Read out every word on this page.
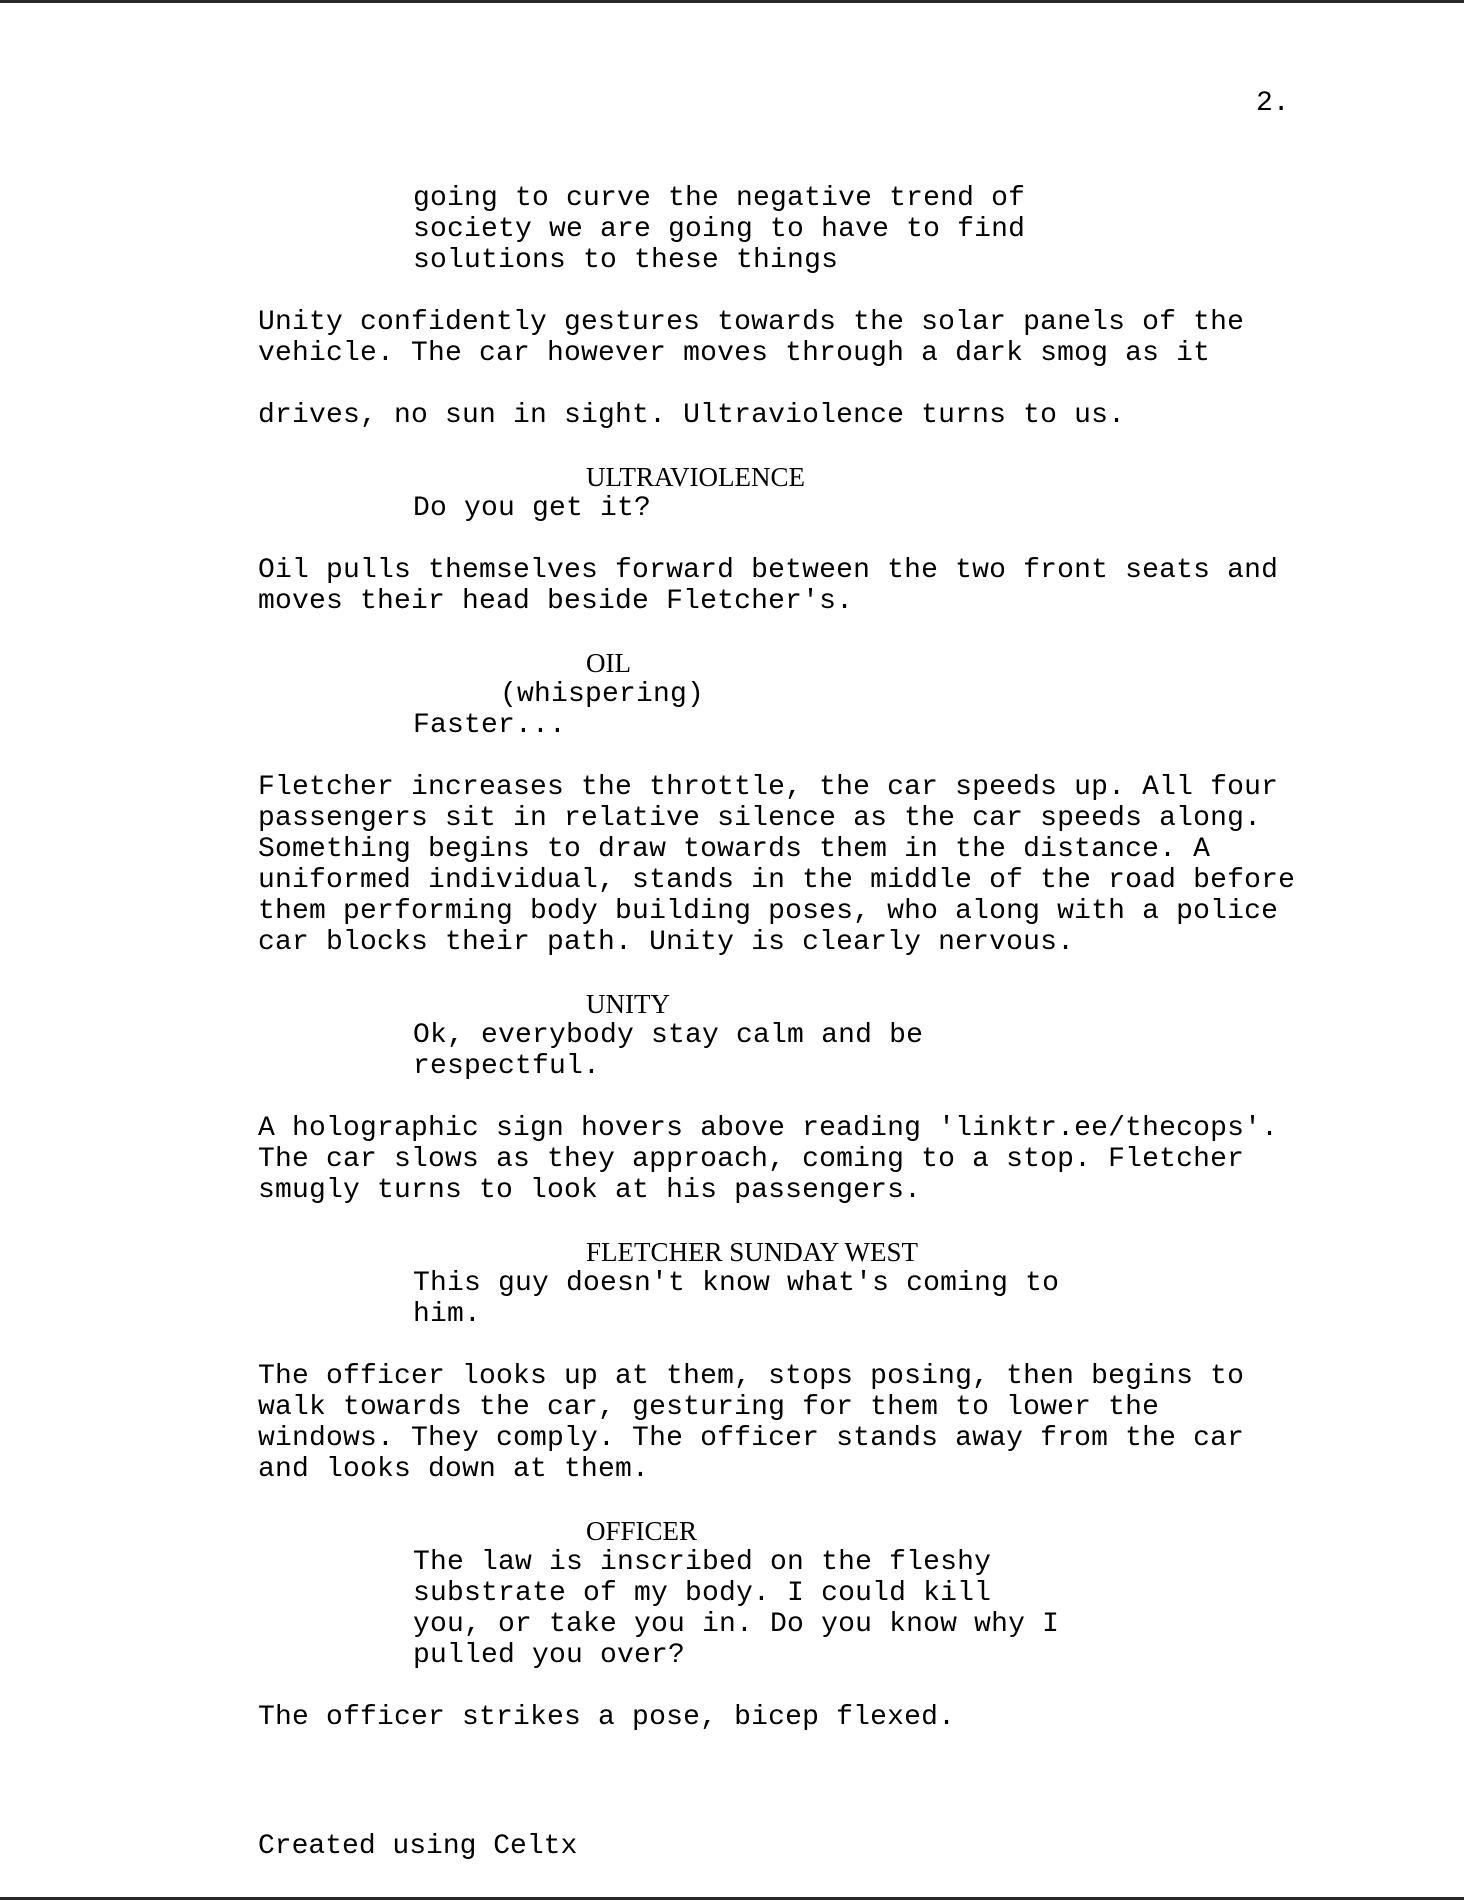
2.
going to curve the negative trend of
society we are going to have to find
solutions to these things
Unity confidently gestures towards the solar panels of the
vehicle. The car however moves through a dark smog as it
drives, no sun in sight. Ultraviolence turns to us.
ULTRAVIOLENCE
Do you get it?
Oil pulls themselves forward between the two front seats and
moves their head beside Fletcher's.
OIL
(whispering)
Faster...
Fletcher increases the throttle, the car speeds up. All four
passengers sit in relative silence as the car speeds along.
Something begins to draw towards them in the distance. A
uniformed individual, stands in the middle of the road before
them performing body building poses, who along with a police
car blocks their path. Unity is clearly nervous.
UNITY
Ok, everybody stay calm and be
respectful.
A holographic sign hovers above reading 'linktr.ee/thecops'.
The car slows as they approach, coming to a stop. Fletcher
smugly turns to look at his passengers.
FLETCHER SUNDAY WEST
This guy doesn't know what's coming to
him.
The officer looks up at them, stops posing, then begins to
walk towards the car, gesturing for them to lower the
windows. They comply. The officer stands away from the car
and looks down at them.
OFFICER
The law is inscribed on the fleshy
substrate of my body. I could kill
you, or take you in. Do you know why I
pulled you over?
The officer strikes a pose, bicep flexed.
Created using Celtx
